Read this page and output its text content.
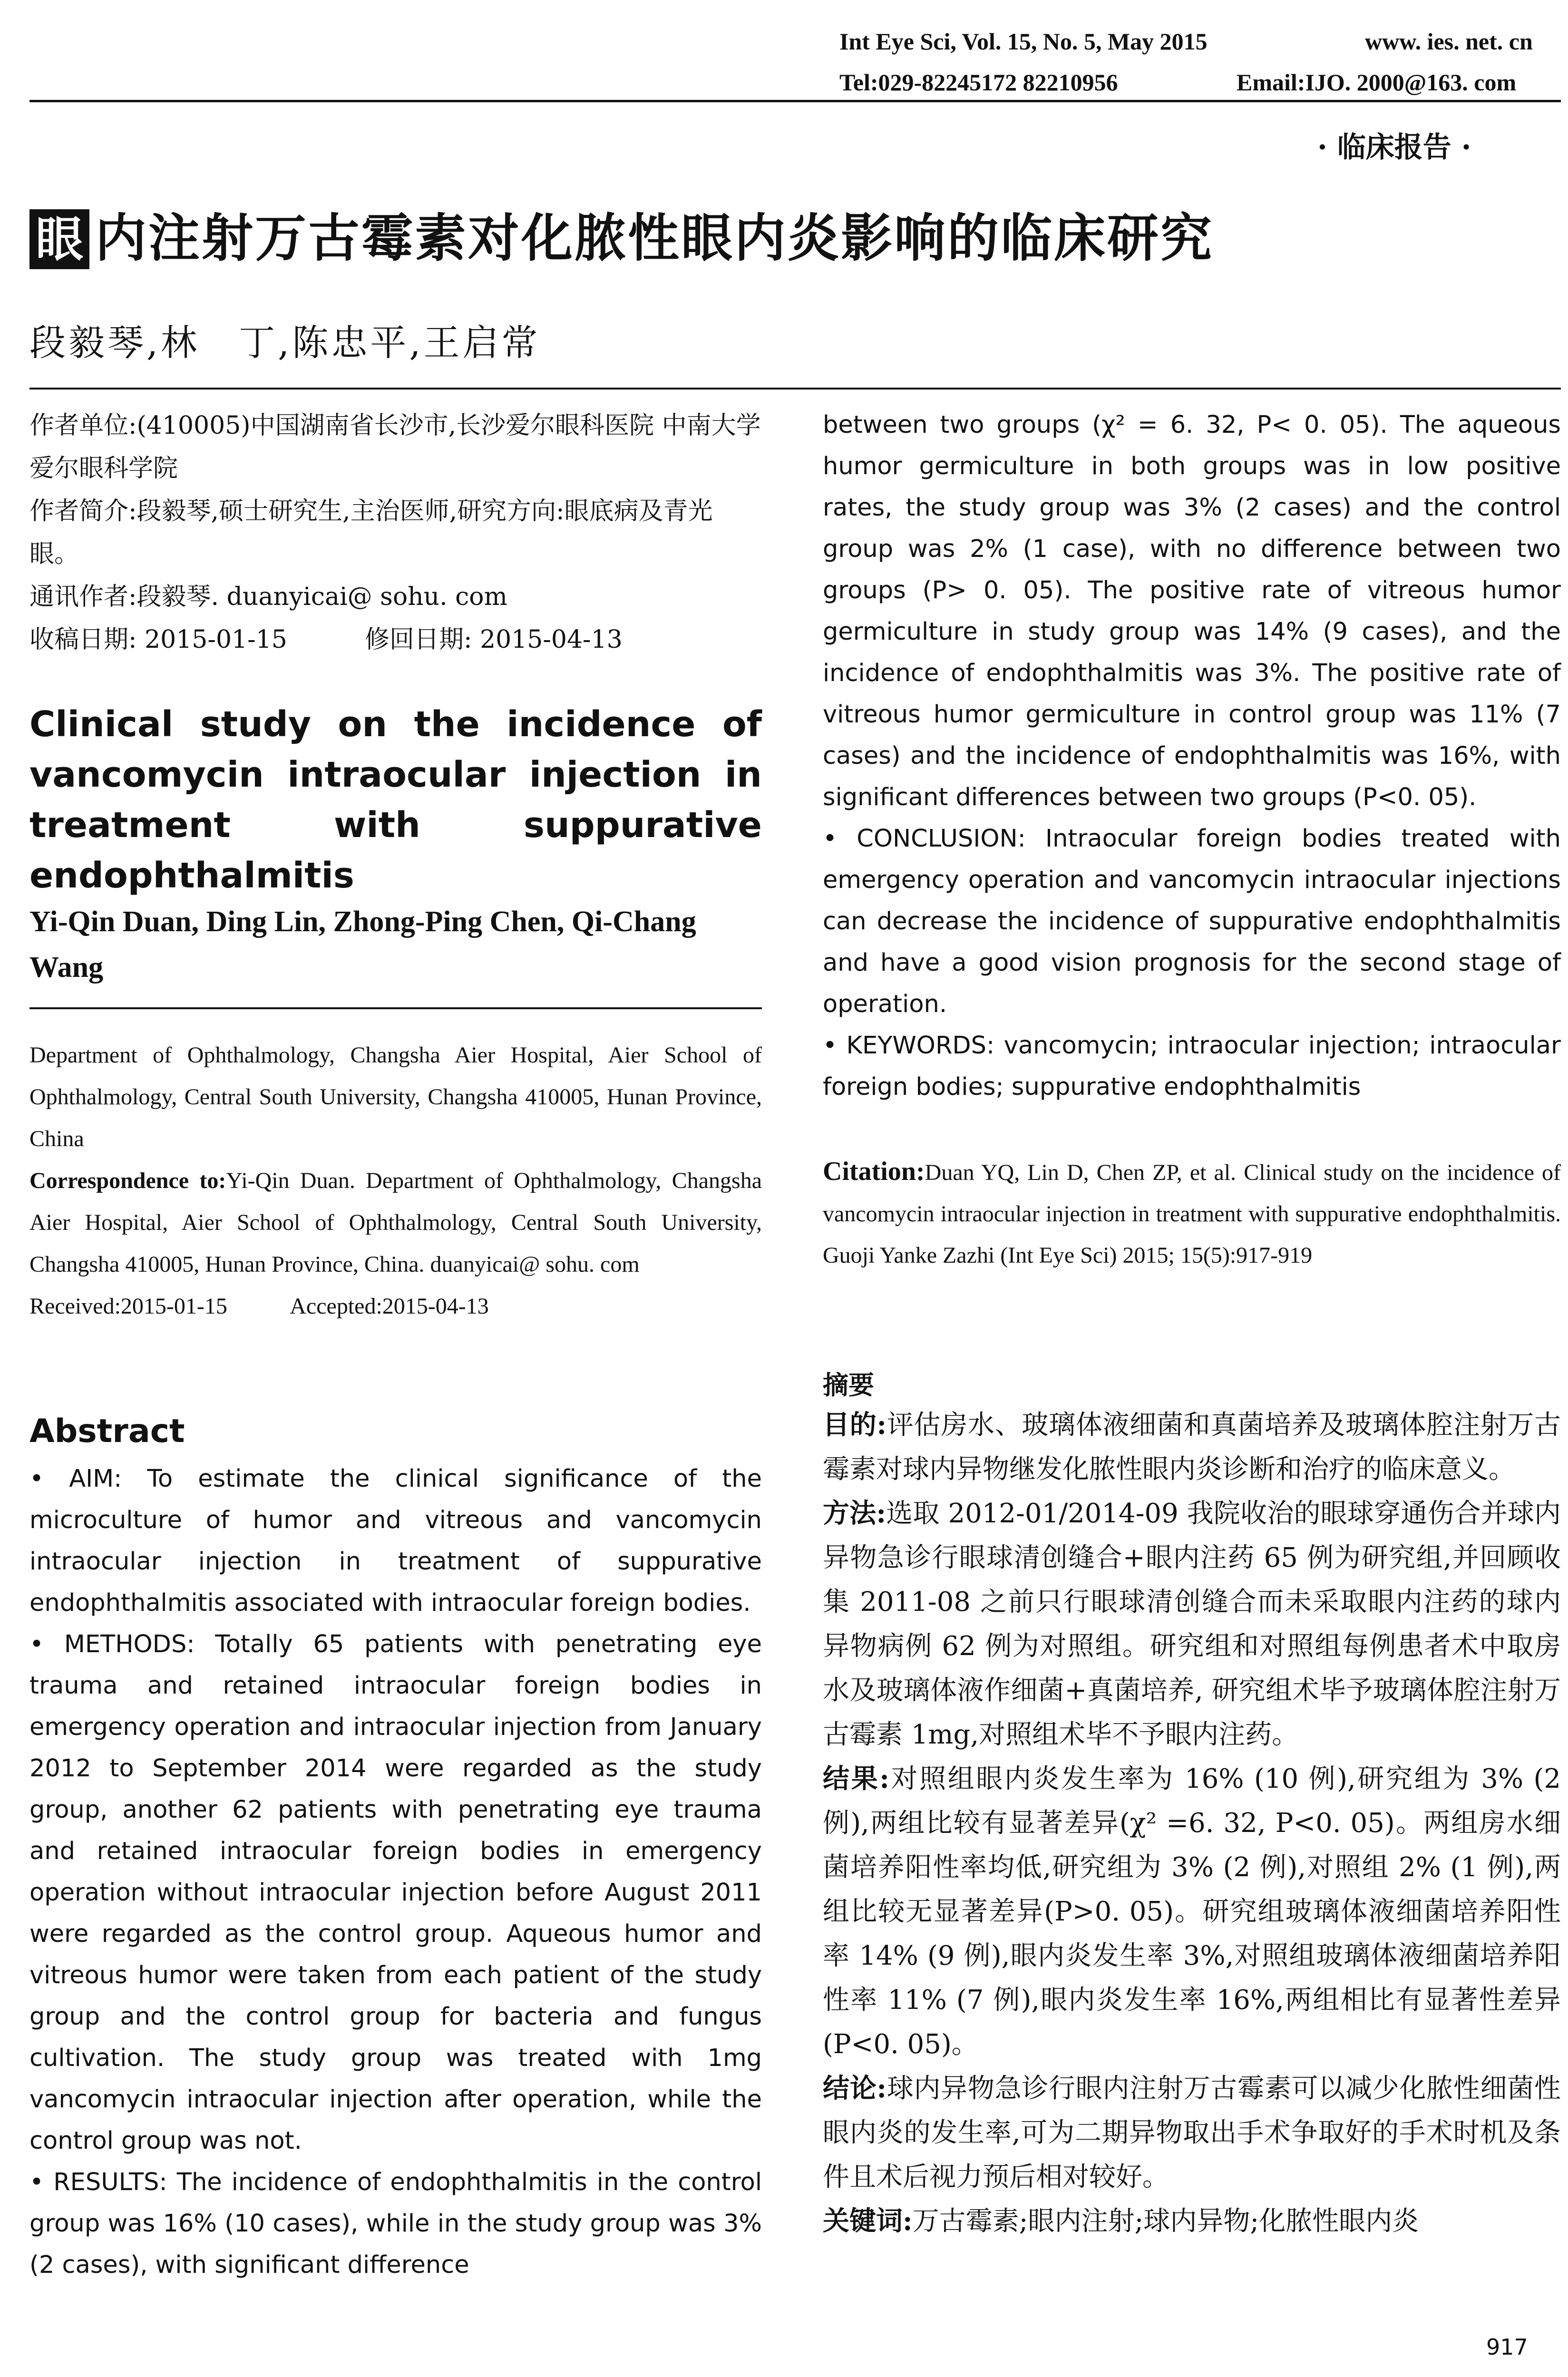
Int Eye Sci, Vol. 15, No. 5, May 2015	www. ies. net. cn
Tel:029-82245172 82210956	Email:IJO. 2000@163. com
· 临床报告 ·
眼 内注射万古霉素对化脓性眼内炎影响的临床研究
段毅琴,林　丁,陈忠平,王启常
作者单位:(410005)中国湖南省长沙市,长沙爱尔眼科医院 中南大学爱尔眼科学院
作者简介:段毅琴,硕士研究生,主治医师,研究方向:眼底病及青光眼。
通讯作者:段毅琴. duanyicai@ sohu. com
收稿日期: 2015-01-15	修回日期: 2015-04-13
Clinical study on the incidence of vancomycin intraocular injection in treatment with suppurative endophthalmitis
Yi-Qin Duan, Ding Lin, Zhong-Ping Chen, Qi-Chang Wang
Department of Ophthalmology, Changsha Aier Hospital, Aier School of Ophthalmology, Central South University, Changsha 410005, Hunan Province, China
Correspondence to:Yi-Qin Duan. Department of Ophthalmology, Changsha Aier Hospital, Aier School of Ophthalmology, Central South University, Changsha 410005, Hunan Province, China. duanyicai@ sohu. com
Received:2015-01-15	Accepted:2015-04-13
Abstract
• AIM: To estimate the clinical significance of the microculture of humor and vitreous and vancomycin intraocular injection in treatment of suppurative endophthalmitis associated with intraocular foreign bodies.
• METHODS: Totally 65 patients with penetrating eye trauma and retained intraocular foreign bodies in emergency operation and intraocular injection from January 2012 to September 2014 were regarded as the study group, another 62 patients with penetrating eye trauma and retained intraocular foreign bodies in emergency operation without intraocular injection before August 2011 were regarded as the control group. Aqueous humor and vitreous humor were taken from each patient of the study group and the control group for bacteria and fungus cultivation. The study group was treated with 1mg vancomycin intraocular injection after operation, while the control group was not.
• RESULTS: The incidence of endophthalmitis in the control group was 16% (10 cases), while in the study group was 3% (2 cases), with significant difference
between two groups (χ² = 6. 32, P< 0. 05). The aqueous humor germiculture in both groups was in low positive rates, the study group was 3% (2 cases) and the control group was 2% (1 case), with no difference between two groups (P> 0. 05). The positive rate of vitreous humor germiculture in study group was 14% (9 cases), and the incidence of endophthalmitis was 3%. The positive rate of vitreous humor germiculture in control group was 11% (7 cases) and the incidence of endophthalmitis was 16%, with significant differences between two groups (P<0. 05).
• CONCLUSION: Intraocular foreign bodies treated with emergency operation and vancomycin intraocular injections can decrease the incidence of suppurative endophthalmitis and have a good vision prognosis for the second stage of operation.
• KEYWORDS: vancomycin; intraocular injection; intraocular foreign bodies; suppurative endophthalmitis
Citation:Duan YQ, Lin D, Chen ZP, et al. Clinical study on the incidence of vancomycin intraocular injection in treatment with suppurative endophthalmitis. Guoji Yanke Zazhi (Int Eye Sci) 2015; 15(5):917-919
摘要
目的:评估房水、玻璃体液细菌和真菌培养及玻璃体腔注射万古霉素对球内异物继发化脓性眼内炎诊断和治疗的临床意义。
方法:选取 2012-01/2014-09 我院收治的眼球穿通伤合并球内异物急诊行眼球清创缝合+眼内注药 65 例为研究组,并回顾收集 2011-08 之前只行眼球清创缝合而未采取眼内注药的球内异物病例 62 例为对照组。研究组和对照组每例患者术中取房水及玻璃体液作细菌+真菌培养, 研究组术毕予玻璃体腔注射万古霉素 1mg,对照组术毕不予眼内注药。
结果:对照组眼内炎发生率为 16% (10 例),研究组为 3% (2 例),两组比较有显著差异(χ² =6. 32, P<0. 05)。两组房水细菌培养阳性率均低,研究组为 3% (2 例),对照组 2% (1 例),两组比较无显著差异(P>0. 05)。研究组玻璃体液细菌培养阳性率 14% (9 例),眼内炎发生率 3%,对照组玻璃体液细菌培养阳性率 11% (7 例),眼内炎发生率 16%,两组相比有显著性差异(P<0. 05)。
结论:球内异物急诊行眼内注射万古霉素可以减少化脓性细菌性眼内炎的发生率,可为二期异物取出手术争取好的手术时机及条件且术后视力预后相对较好。
关键词:万古霉素;眼内注射;球内异物;化脓性眼内炎
917
